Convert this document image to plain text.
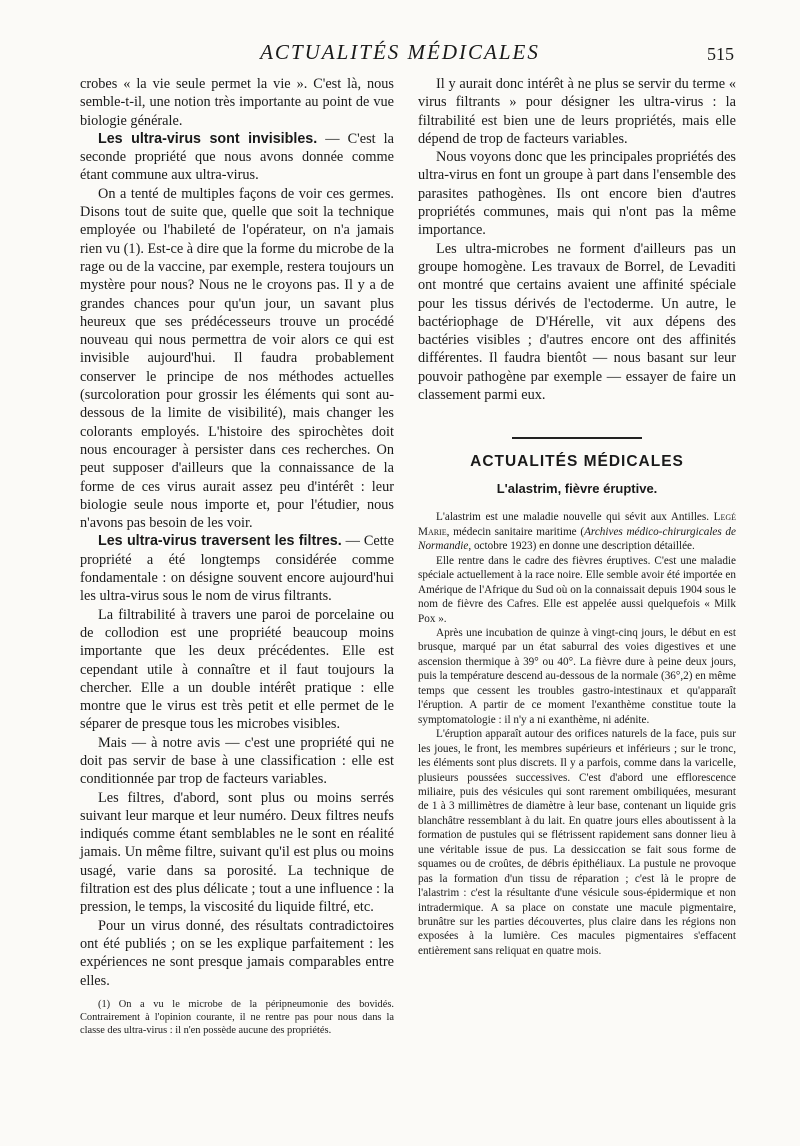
ACTUALITÉS MÉDICALES	515

crobes « la vie seule permet la vie ». C'est là, nous semble-t-il, une notion très importante au point de vue biologie générale.

Les ultra-virus sont invisibles. — C'est la seconde propriété que nous avons donnée comme étant commune aux ultra-virus.

On a tenté de multiples façons de voir ces germes. Disons tout de suite que, quelle que soit la technique employée ou l'habileté de l'opérateur, on n'a jamais rien vu (1). Est-ce à dire que la forme du microbe de la rage ou de la vaccine, par exemple, restera toujours un mystère pour nous? Nous ne le croyons pas. Il y a de grandes chances pour qu'un jour, un savant plus heureux que ses prédécesseurs trouve un procédé nouveau qui nous permettra de voir alors ce qui est invisible aujourd'hui. Il faudra probablement conserver le principe de nos méthodes actuelles (surcoloration pour grossir les éléments qui sont au-dessous de la limite de visibilité), mais changer les colorants employés. L'histoire des spirochètes doit nous encourager à persister dans ces recherches. On peut supposer d'ailleurs que la connaissance de la forme de ces virus aurait assez peu d'intérêt : leur biologie seule nous importe et, pour l'étudier, nous n'avons pas besoin de les voir.

Les ultra-virus traversent les filtres. — Cette propriété a été longtemps considérée comme fondamentale : on désigne souvent encore aujourd'hui les ultra-virus sous le nom de virus filtrants.

La filtrabilité à travers une paroi de porcelaine ou de collodion est une propriété beaucoup moins importante que les deux précédentes. Elle est cependant utile à connaître et il faut toujours la chercher. Elle a un double intérêt pratique : elle montre que le virus est très petit et elle permet de le séparer de presque tous les microbes visibles.

Mais — à notre avis — c'est une propriété qui ne doit pas servir de base à une classification : elle est conditionnée par trop de facteurs variables.

Les filtres, d'abord, sont plus ou moins serrés suivant leur marque et leur numéro. Deux filtres neufs indiqués comme étant semblables ne le sont en réalité jamais. Un même filtre, suivant qu'il est plus ou moins usagé, varie dans sa porosité. La technique de filtration est des plus délicate ; tout a une influence : la pression, le temps, la viscosité du liquide filtré, etc.

Pour un virus donné, des résultats contradictoires ont été publiés ; on se les explique parfaitement : les expériences ne sont presque jamais comparables entre elles.

(1) On a vu le microbe de la péripneumonie des bovidés. Contrairement à l'opinion courante, il ne rentre pas pour nous dans la classe des ultra-virus : il n'en possède aucune des propriétés.

Il y aurait donc intérêt à ne plus se servir du terme « virus filtrants » pour désigner les ultra-virus : la filtrabilité est bien une de leurs propriétés, mais elle dépend de trop de facteurs variables.

Nous voyons donc que les principales propriétés des ultra-virus en font un groupe à part dans l'ensemble des parasites pathogènes. Ils ont encore bien d'autres propriétés communes, mais qui n'ont pas la même importance.

Les ultra-microbes ne forment d'ailleurs pas un groupe homogène. Les travaux de Borrel, de Levaditi ont montré que certains avaient une affinité spéciale pour les tissus dérivés de l'ectoderme. Un autre, le bactériophage de D'Hérelle, vit aux dépens des bactéries visibles ; d'autres encore ont des affinités différentes. Il faudra bientôt — nous basant sur leur pouvoir pathogène par exemple — essayer de faire un classement parmi eux.

ACTUALITÉS MÉDICALES
L'alastrim, fièvre éruptive.

L'alastrim est une maladie nouvelle qui sévit aux Antilles. Legé Marie, médecin sanitaire maritime (Archives médico-chirurgicales de Normandie, octobre 1923) en donne une description détaillée.

Elle rentre dans le cadre des fièvres éruptives. C'est une maladie spéciale actuellement à la race noire. Elle semble avoir été importée en Amérique de l'Afrique du Sud où on la connaissait depuis 1904 sous le nom de fièvre des Cafres. Elle est appelée aussi quelquefois « Milk Pox ».

Après une incubation de quinze à vingt-cinq jours, le début en est brusque, marqué par un état saburral des voies digestives et une ascension thermique à 39° ou 40°. La fièvre dure à peine deux jours, puis la température descend au-dessous de la normale (36°,2) en même temps que cessent les troubles gastro-intestinaux et qu'apparaît l'éruption. A partir de ce moment l'exanthème constitue toute la symptomatologie : il n'y a ni exanthème, ni adénite.

L'éruption apparaît autour des orifices naturels de la face, puis sur les joues, le front, les membres supérieurs et inférieurs ; sur le tronc, les éléments sont plus discrets. Il y a parfois, comme dans la varicelle, plusieurs poussées successives. C'est d'abord une efflorescence miliaire, puis des vésicules qui sont rarement ombiliquées, mesurant de 1 à 3 millimètres de diamètre à leur base, contenant un liquide gris blanchâtre ressemblant à du lait. En quatre jours elles aboutissent à la formation de pustules qui se flétrissent rapidement sans donner lieu à une véritable issue de pus. La dessiccation se fait sous forme de squames ou de croûtes, de débris épithéliaux. La pustule ne provoque pas la formation d'un tissu de réparation ; c'est là le propre de l'alastrim : c'est la résultante d'une vésicule sous-épidermique et non intradermique. A sa place on constate une macule pigmentaire, brunâtre sur les parties découvertes, plus claire dans les régions non exposées à la lumière. Ces macules pigmentaires s'effacent entièrement sans reliquat en quatre mois.
